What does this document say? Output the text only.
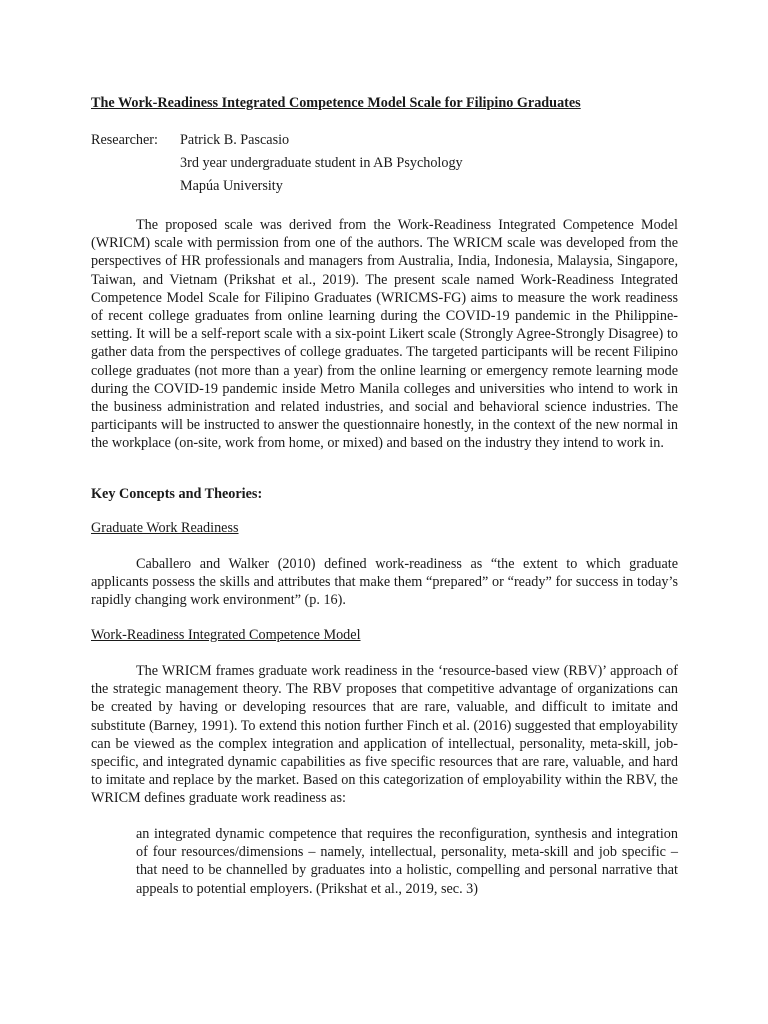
The Work-Readiness Integrated Competence Model Scale for Filipino Graduates
Researcher:	Patrick B. Pascasio
3rd year undergraduate student in AB Psychology
Mapúa University

The proposed scale was derived from the Work-Readiness Integrated Competence Model (WRICM) scale with permission from one of the authors. The WRICM scale was developed from the perspectives of HR professionals and managers from Australia, India, Indonesia, Malaysia, Singapore, Taiwan, and Vietnam (Prikshat et al., 2019). The present scale named Work-Readiness Integrated Competence Model Scale for Filipino Graduates (WRICMS-FG) aims to measure the work readiness of recent college graduates from online learning during the COVID-19 pandemic in the Philippine-setting. It will be a self-report scale with a six-point Likert scale (Strongly Agree-Strongly Disagree) to gather data from the perspectives of college graduates. The targeted participants will be recent Filipino college graduates (not more than a year) from the online learning or emergency remote learning mode during the COVID-19 pandemic inside Metro Manila colleges and universities who intend to work in the business administration and related industries, and social and behavioral science industries. The participants will be instructed to answer the questionnaire honestly, in the context of the new normal in the workplace (on-site, work from home, or mixed) and based on the industry they intend to work in.

Key Concepts and Theories:
Graduate Work Readiness

Caballero and Walker (2010) defined work-readiness as “the extent to which graduate applicants possess the skills and attributes that make them “prepared” or “ready” for success in today’s rapidly changing work environment” (p. 16).

Work-Readiness Integrated Competence Model

The WRICM frames graduate work readiness in the ‘resource-based view (RBV)’ approach of the strategic management theory. The RBV proposes that competitive advantage of organizations can be created by having or developing resources that are rare, valuable, and difficult to imitate and substitute (Barney, 1991). To extend this notion further Finch et al. (2016) suggested that employability can be viewed as the complex integration and application of intellectual, personality, meta-skill, job-specific, and integrated dynamic capabilities as five specific resources that are rare, valuable, and hard to imitate and replace by the market. Based on this categorization of employability within the RBV, the WRICM defines graduate work readiness as:

an integrated dynamic competence that requires the reconfiguration, synthesis and integration of four resources/dimensions – namely, intellectual, personality, meta-skill and job specific – that need to be channelled by graduates into a holistic, compelling and personal narrative that appeals to potential employers. (Prikshat et al., 2019, sec. 3)
